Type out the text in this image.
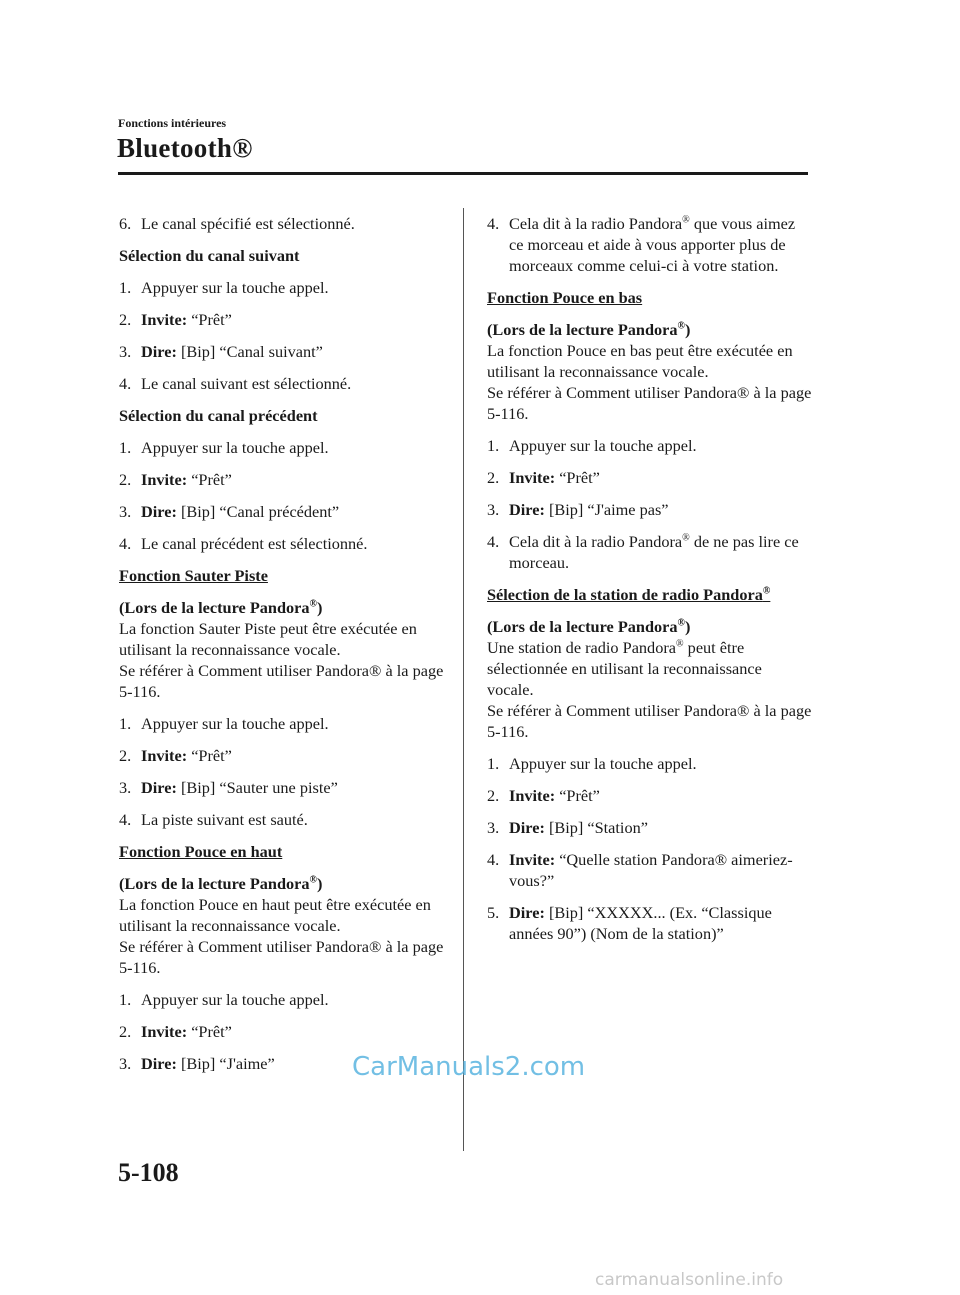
Fonctions intérieures
Bluetooth®
6. Le canal spécifié est sélectionné.
Sélection du canal suivant
1. Appuyer sur la touche appel.
2. Invite: “Prêt”
3. Dire: [Bip] “Canal suivant”
4. Le canal suivant est sélectionné.
Sélection du canal précédent
1. Appuyer sur la touche appel.
2. Invite: “Prêt”
3. Dire: [Bip] “Canal précédent”
4. Le canal précédent est sélectionné.
Fonction Sauter Piste
(Lors de la lecture Pandora®)
La fonction Sauter Piste peut être exécutée en utilisant la reconnaissance vocale.
Se référer à Comment utiliser Pandora® à la page 5-116.
1. Appuyer sur la touche appel.
2. Invite: “Prêt”
3. Dire: [Bip] “Sauter une piste”
4. La piste suivant est sauté.
Fonction Pouce en haut
(Lors de la lecture Pandora®)
La fonction Pouce en haut peut être exécutée en utilisant la reconnaissance vocale.
Se référer à Comment utiliser Pandora® à la page 5-116.
1. Appuyer sur la touche appel.
2. Invite: “Prêt”
3. Dire: [Bip] “J'aime”
4. Cela dit à la radio Pandora® que vous aimez ce morceau et aide à vous apporter plus de morceaux comme celui-ci à votre station.
Fonction Pouce en bas
(Lors de la lecture Pandora®)
La fonction Pouce en bas peut être exécutée en utilisant la reconnaissance vocale.
Se référer à Comment utiliser Pandora® à la page 5-116.
1. Appuyer sur la touche appel.
2. Invite: “Prêt”
3. Dire: [Bip] “J'aime pas”
4. Cela dit à la radio Pandora® de ne pas lire ce morceau.
Sélection de la station de radio Pandora®
(Lors de la lecture Pandora®)
Une station de radio Pandora® peut être sélectionnée en utilisant la reconnaissance vocale.
Se référer à Comment utiliser Pandora® à la page 5-116.
1. Appuyer sur la touche appel.
2. Invite: “Prêt”
3. Dire: [Bip] “Station”
4. Invite: “Quelle station Pandora® aimeriez-vous?”
5. Dire: [Bip] “XXXXX... (Ex. “Classique années 90”) (Nom de la station)”
CarManuals2.com
5-108
carmanualsonline.info
